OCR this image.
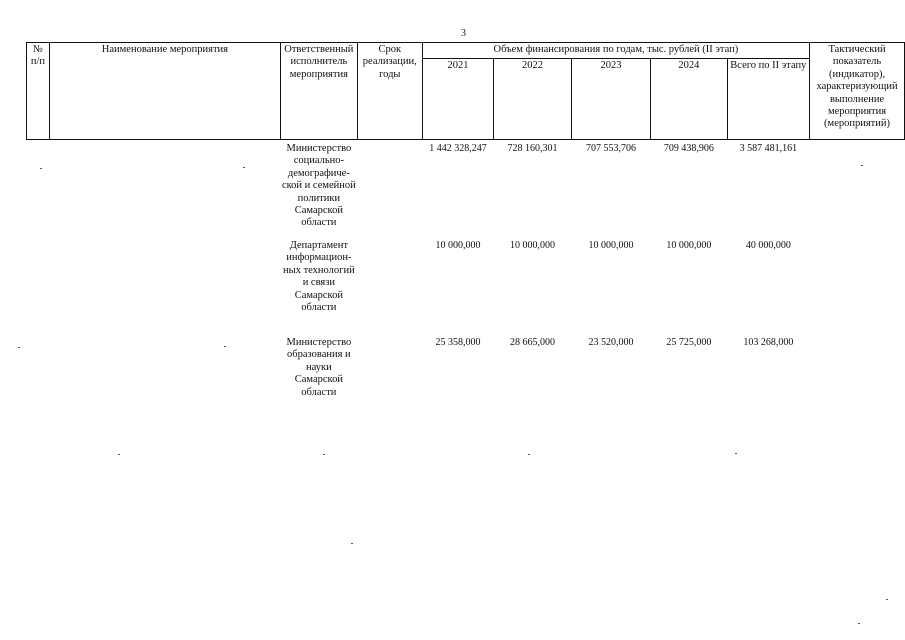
3
№ п/п	Наименование мероприятия	Ответственный исполнитель мероприятия	Срок реализации, годы	Объем финансирования по годам, тыс. рублей (II этап)					Тактический показатель (индикатор), характеризующий выполнение мероприятия (мероприятий)
				2021	2022	2023	2024	Всего по II этапу	
		Министерство социально-демографиче-ской и семейной политики Самарской области		1 442 328,247	728 160,301	707 553,706	709 438,906	3 587 481,161	
		Департамент информацион-ных технологий и связи Самарской области		10 000,000	10 000,000	10 000,000	10 000,000	40 000,000	
		Министерство образования и науки Самарской области		25 358,000	28 665,000	23 520,000	25 725,000	103 268,000	
